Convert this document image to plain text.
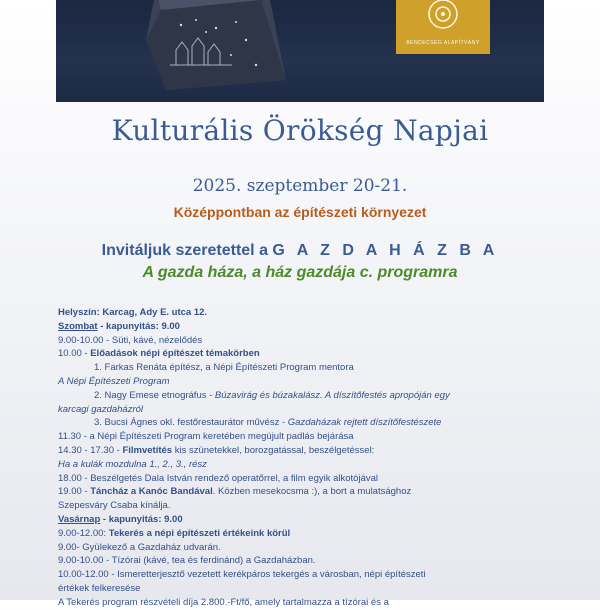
BENDECSEG ALAPÍTVÁNY
Kulturális Örökség Napjai
2025. szeptember 20-21.
Középpontban az építészeti környezet
Invitáljuk szeretettel a G A Z D A H Á Z B A
A gazda háza, a ház gazdája c. programra
Helyszín: Karcag, Ady E. utca 12.
Szombat - kapunyitás: 9.00
9.00-10.00 - Süti, kávé, nézelődés
10.00 - Előadások népi építészet témakörben
1. Farkas Renáta építész, a Népi Építészeti Program mentora
A Népi Építészeti Program
2. Nagy Emese etnográfus - Búzavirág és búzakalász. A díszítőfestés apropóján egy
karcagi gazdaházról
3. Bucsi Ágnes okl. festőrestaurátor művész - Gazdaházak rejtett díszítőfestészete
11.30 - a Népi Építészeti Program keretében megújult padlás bejárása
14.30 - 17.30 - Filmvetítés kis szünetekkel, borozgatással, beszélgetéssel:
Ha a kulák mozdulna 1., 2., 3., rész
18.00 - Beszélgetés Dala István rendező operatőrrel, a film egyik alkotójával
19.00 - Táncház a Kanóc Bandával. Közben mesekocsma :), a bort a mulatsághoz
Szepesváry Csaba kínálja.
Vasárnap - kapunyitás: 9.00
9.00-12.00: Tekerés a népi építészeti értékeink körül
9.00- Gyülekező a Gazdaház udvarán.
9.00-10.00 - Tízórai (kávé, tea és ferdinánd) a Gazdaházban.
10.00-12.00 - Ismeretterjesztő vezetett kerékpáros tekergés a városban, népi építészeti
értékek felkeresése
A Tekerés program részvételi díja 2.800.-Ft/fő, amely tartalmazza a tízórai és a
